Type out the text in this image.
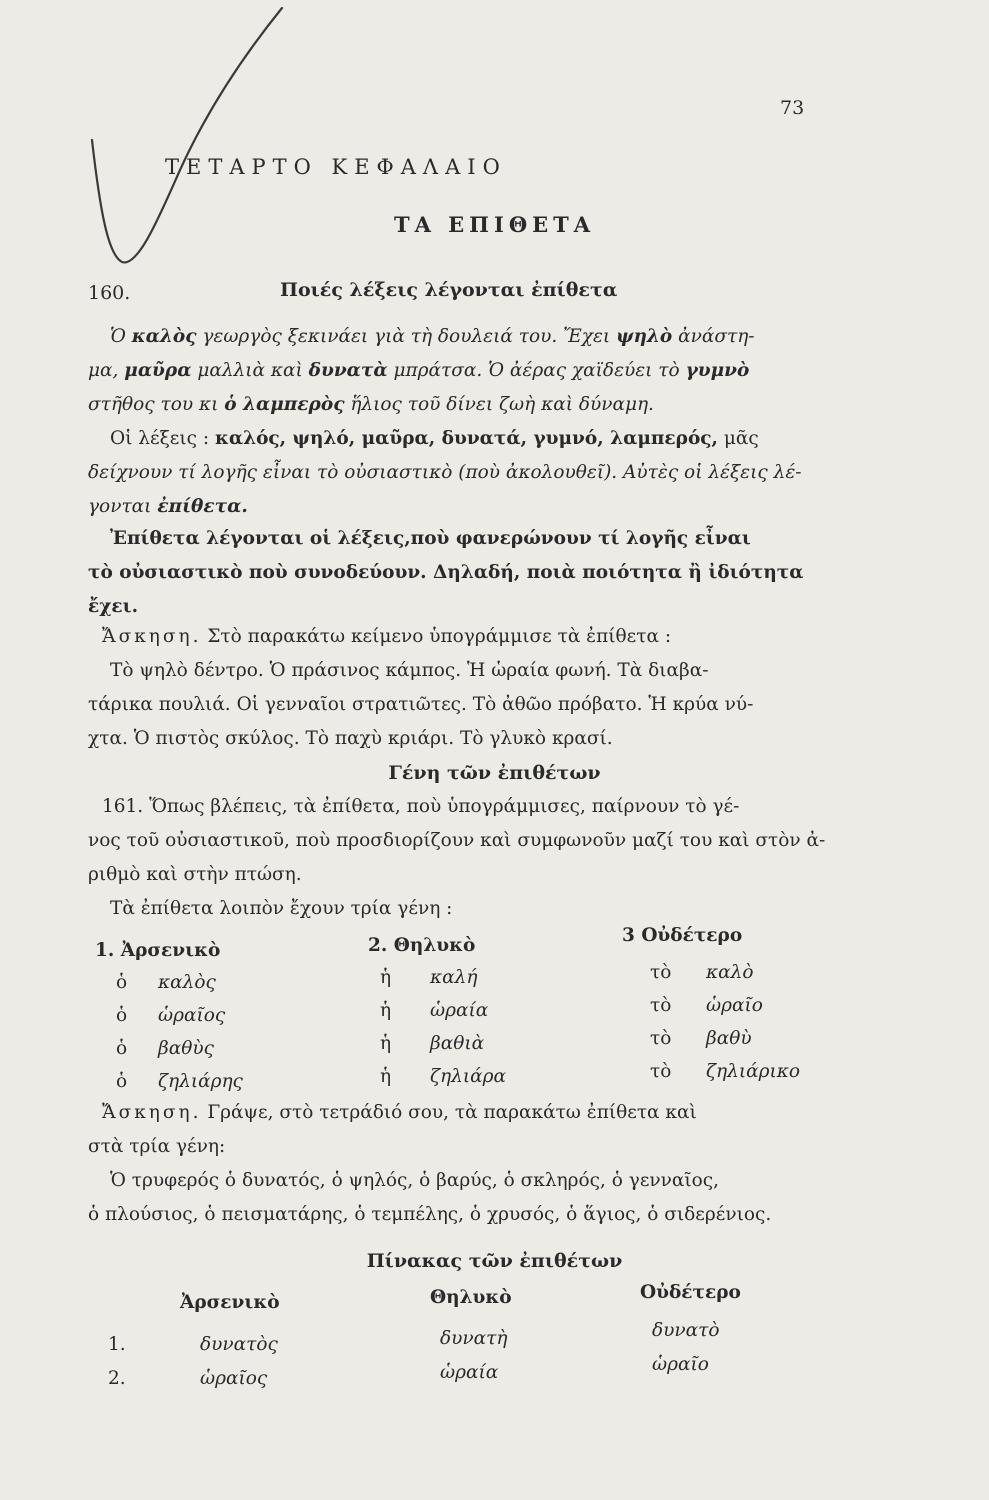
73
ΤΕΤΑΡΤΟ ΚΕΦΑΛΑΙΟ
ΤΑ ΕΠΙΘΕΤΑ
160.	Ποιές λέξεις λέγονται ἐπίθετα
Ὁ καλὸς γεωργὸς ξεκινάει γιὰ τὴ δουλειά του. Ἔχει ψηλὸ ἀνάστη-
μα, μαῦρα μαλλιὰ καὶ δυνατὰ μπράτσα. Ὁ ἀέρας χαϊδεύει τὸ γυμνὸ
στῆθος του κι ὁ λαμπερὸς ἥλιος τοῦ δίνει ζωὴ καὶ δύναμη.
Οἱ λέξεις : καλός, ψηλό, μαῦρα, δυνατά, γυμνό, λαμπερός, μᾶς
δείχνουν τί λογῆς εἶναι τὸ οὐσιαστικὸ (ποὺ ἀκολουθεῖ). Αὐτὲς οἱ λέξεις λέ-
γονται ἐπίθετα.
Ἐπίθετα λέγονται οἱ λέξεις,ποὺ φανερώνουν τί λογῆς εἶναι
τὸ οὐσιαστικὸ ποὺ συνοδεύουν. Δηλαδή, ποιὰ ποιότητα ἢ ἰδιότητα
ἔχει.
Ἄσκηση. Στὸ παρακάτω κείμενο ὑπογράμμισε τὰ ἐπίθετα :
Τὸ ψηλὸ δέντρο. Ὁ πράσινος κάμπος. Ἡ ὡραία φωνή. Τὰ διαβα-
τάρικα πουλιά. Οἱ γενναῖοι στρατιῶτες. Τὸ ἀθῶο πρόβατο. Ἡ κρύα νύ-
χτα. Ὁ πιστὸς σκύλος. Τὸ παχὺ κριάρι. Τὸ γλυκὸ κρασί.
Γένη τῶν ἐπιθέτων
161. Ὅπως βλέπεις, τὰ ἐπίθετα, ποὺ ὑπογράμμισες, παίρνουν τὸ γέ-
νος τοῦ οὐσιαστικοῦ, ποὺ προσδιορίζουν καὶ συμφωνοῦν μαζί του καὶ στὸν ἀ-
ριθμὸ καὶ στὴν πτώση.
Τὰ ἐπίθετα λοιπὸν ἔχουν τρία γένη :
1. Ἀρσενικὸ	2. Θηλυκὸ	3 Οὐδέτερο
ὁ καλὸς	ἡ καλή	τὸ καλὸ
ὁ ὡραῖος	ἡ ὡραία	τὸ ὡραῖο
ὁ βαθὺς	ἡ βαθιὰ	τὸ βαθὺ
ὁ ζηλιάρης	ἡ ζηλιάρα	τὸ ζηλιάρικο
Ἄσκηση. Γράψε, στὸ τετράδιό σου, τὰ παρακάτω ἐπίθετα καὶ
στὰ τρία γένη:
Ὁ τρυφερός ὁ δυνατός, ὁ ψηλός, ὁ βαρύς, ὁ σκληρός, ὁ γενναῖος,
ὁ πλούσιος, ὁ πεισματάρης, ὁ τεμπέλης, ὁ χρυσός, ὁ ἅγιος, ὁ σιδερένιος.
Πίνακας τῶν ἐπιθέτων
Ἀρσενικὸ	Θηλυκὸ	Οὐδέτερο
1.	δυνατὸς	δυνατὴ	δυνατὸ
2.	ὡραῖος	ὡραία	ὡραῖο
